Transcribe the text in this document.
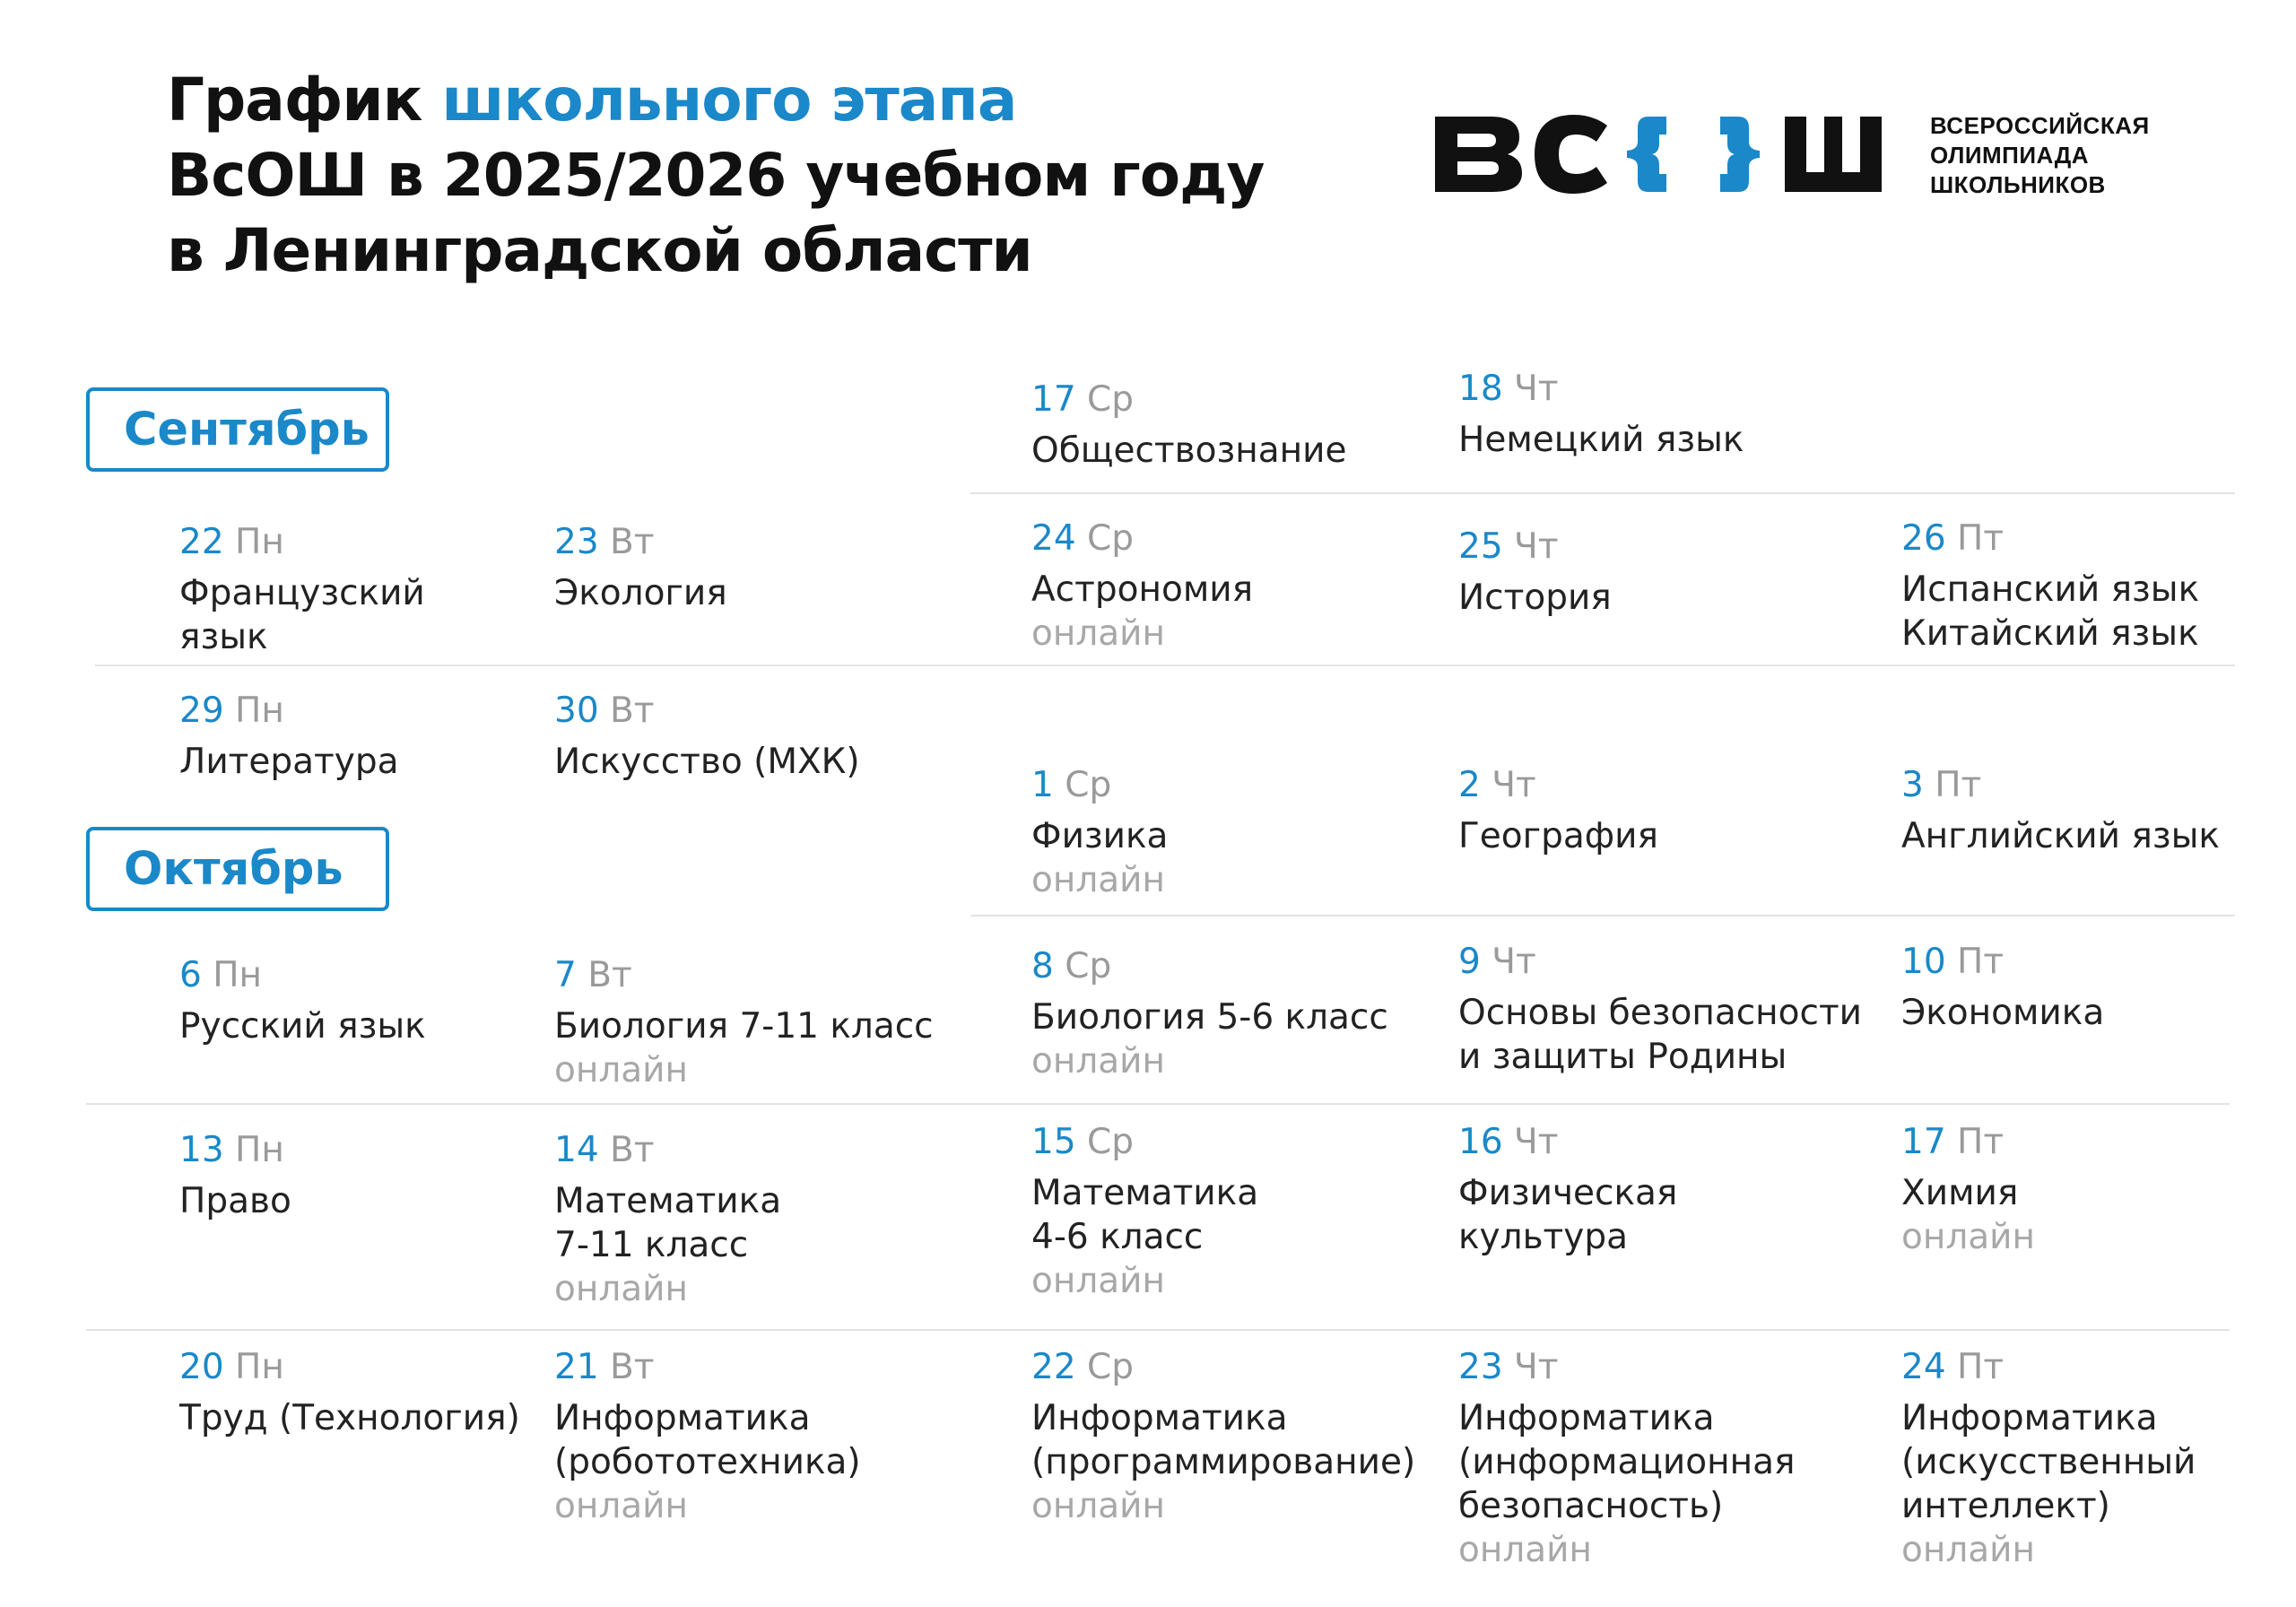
График школьного этапа
ВсОШ в 2025/2026 учебном году
в Ленинградской области
ВСЕРОССИЙСКАЯ
ОЛИМПИАДА
ШКОЛЬНИКОВ
Сентябрь
Октябрь
17 Ср
Обществознание
18 Чт
Немецкий язык
22 Пн
Французский
язык
23 Вт
Экология
24 Ср
Астрономия
онлайн
25 Чт
История
26 Пт
Испанский язык
Китайский язык
29 Пн
Литература
30 Вт
Искусство (МХК)
1 Ср
Физика
онлайн
2 Чт
География
3 Пт
Английский язык
6 Пн
Русский язык
7 Вт
Биология 7-11 класс
онлайн
8 Ср
Биология 5-6 класс
онлайн
9 Чт
Основы безопасности
и защиты Родины
10 Пт
Экономика
13 Пн
Право
14 Вт
Математика
7-11 класс
онлайн
15 Ср
Математика
4-6 класс
онлайн
16 Чт
Физическая
культура
17 Пт
Химия
онлайн
20 Пн
Труд (Технология)
21 Вт
Информатика
(робототехника)
онлайн
22 Ср
Информатика
(программирование)
онлайн
23 Чт
Информатика
(информационная
безопасность)
онлайн
24 Пт
Информатика
(искусственный
интеллект)
онлайн
